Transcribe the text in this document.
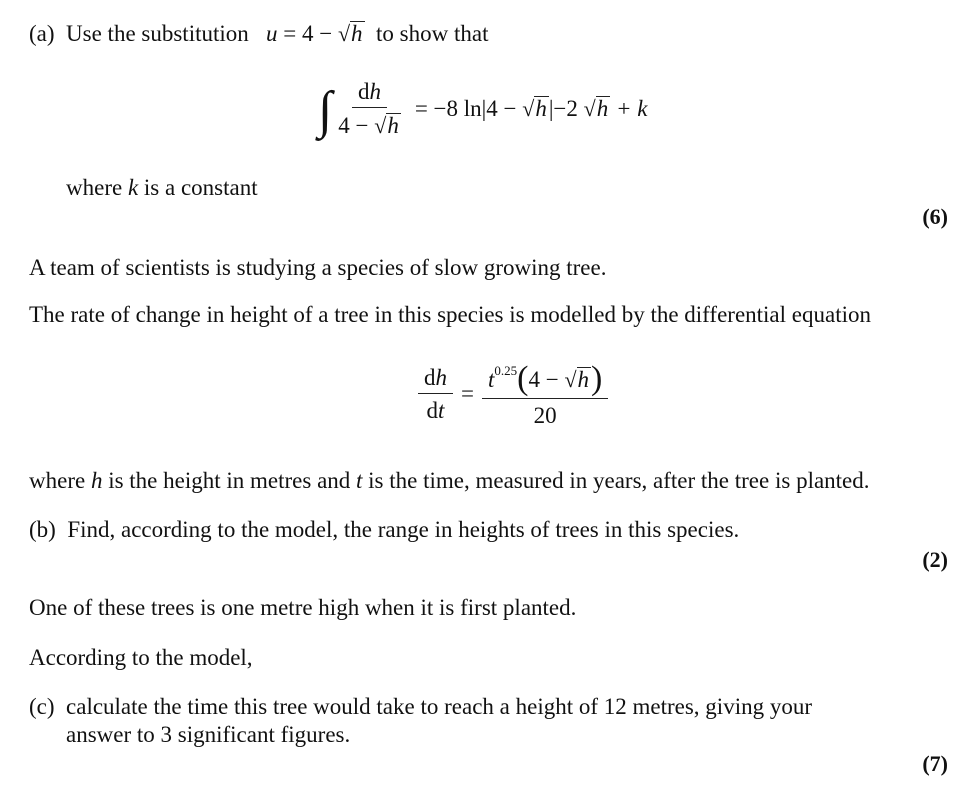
(a) Use the substitution u = 4 − √ h to show that
∫ $\frac{dh}{4 - √ h} = -8$ ln|4 − √ h |−2 √ h + k
where k is a constant
(6)
A team of scientists is studying a species of slow growing tree.
The rate of change in height of a tree in this species is modelled by the differential equation
$\frac{dh}{dt} = \frac{t^{0.25}(4 - √ h )}{20}$
where h is the height in metres and t is the time, measured in years, after the tree is planted.
(b)  Find, according to the model, the range in heights of trees in this species.
(2)
One of these trees is one metre high when it is first planted.
According to the model,
(c)  calculate the time this tree would take to reach a height of 12 metres, giving your
answer to 3 significant figures.
(7)
